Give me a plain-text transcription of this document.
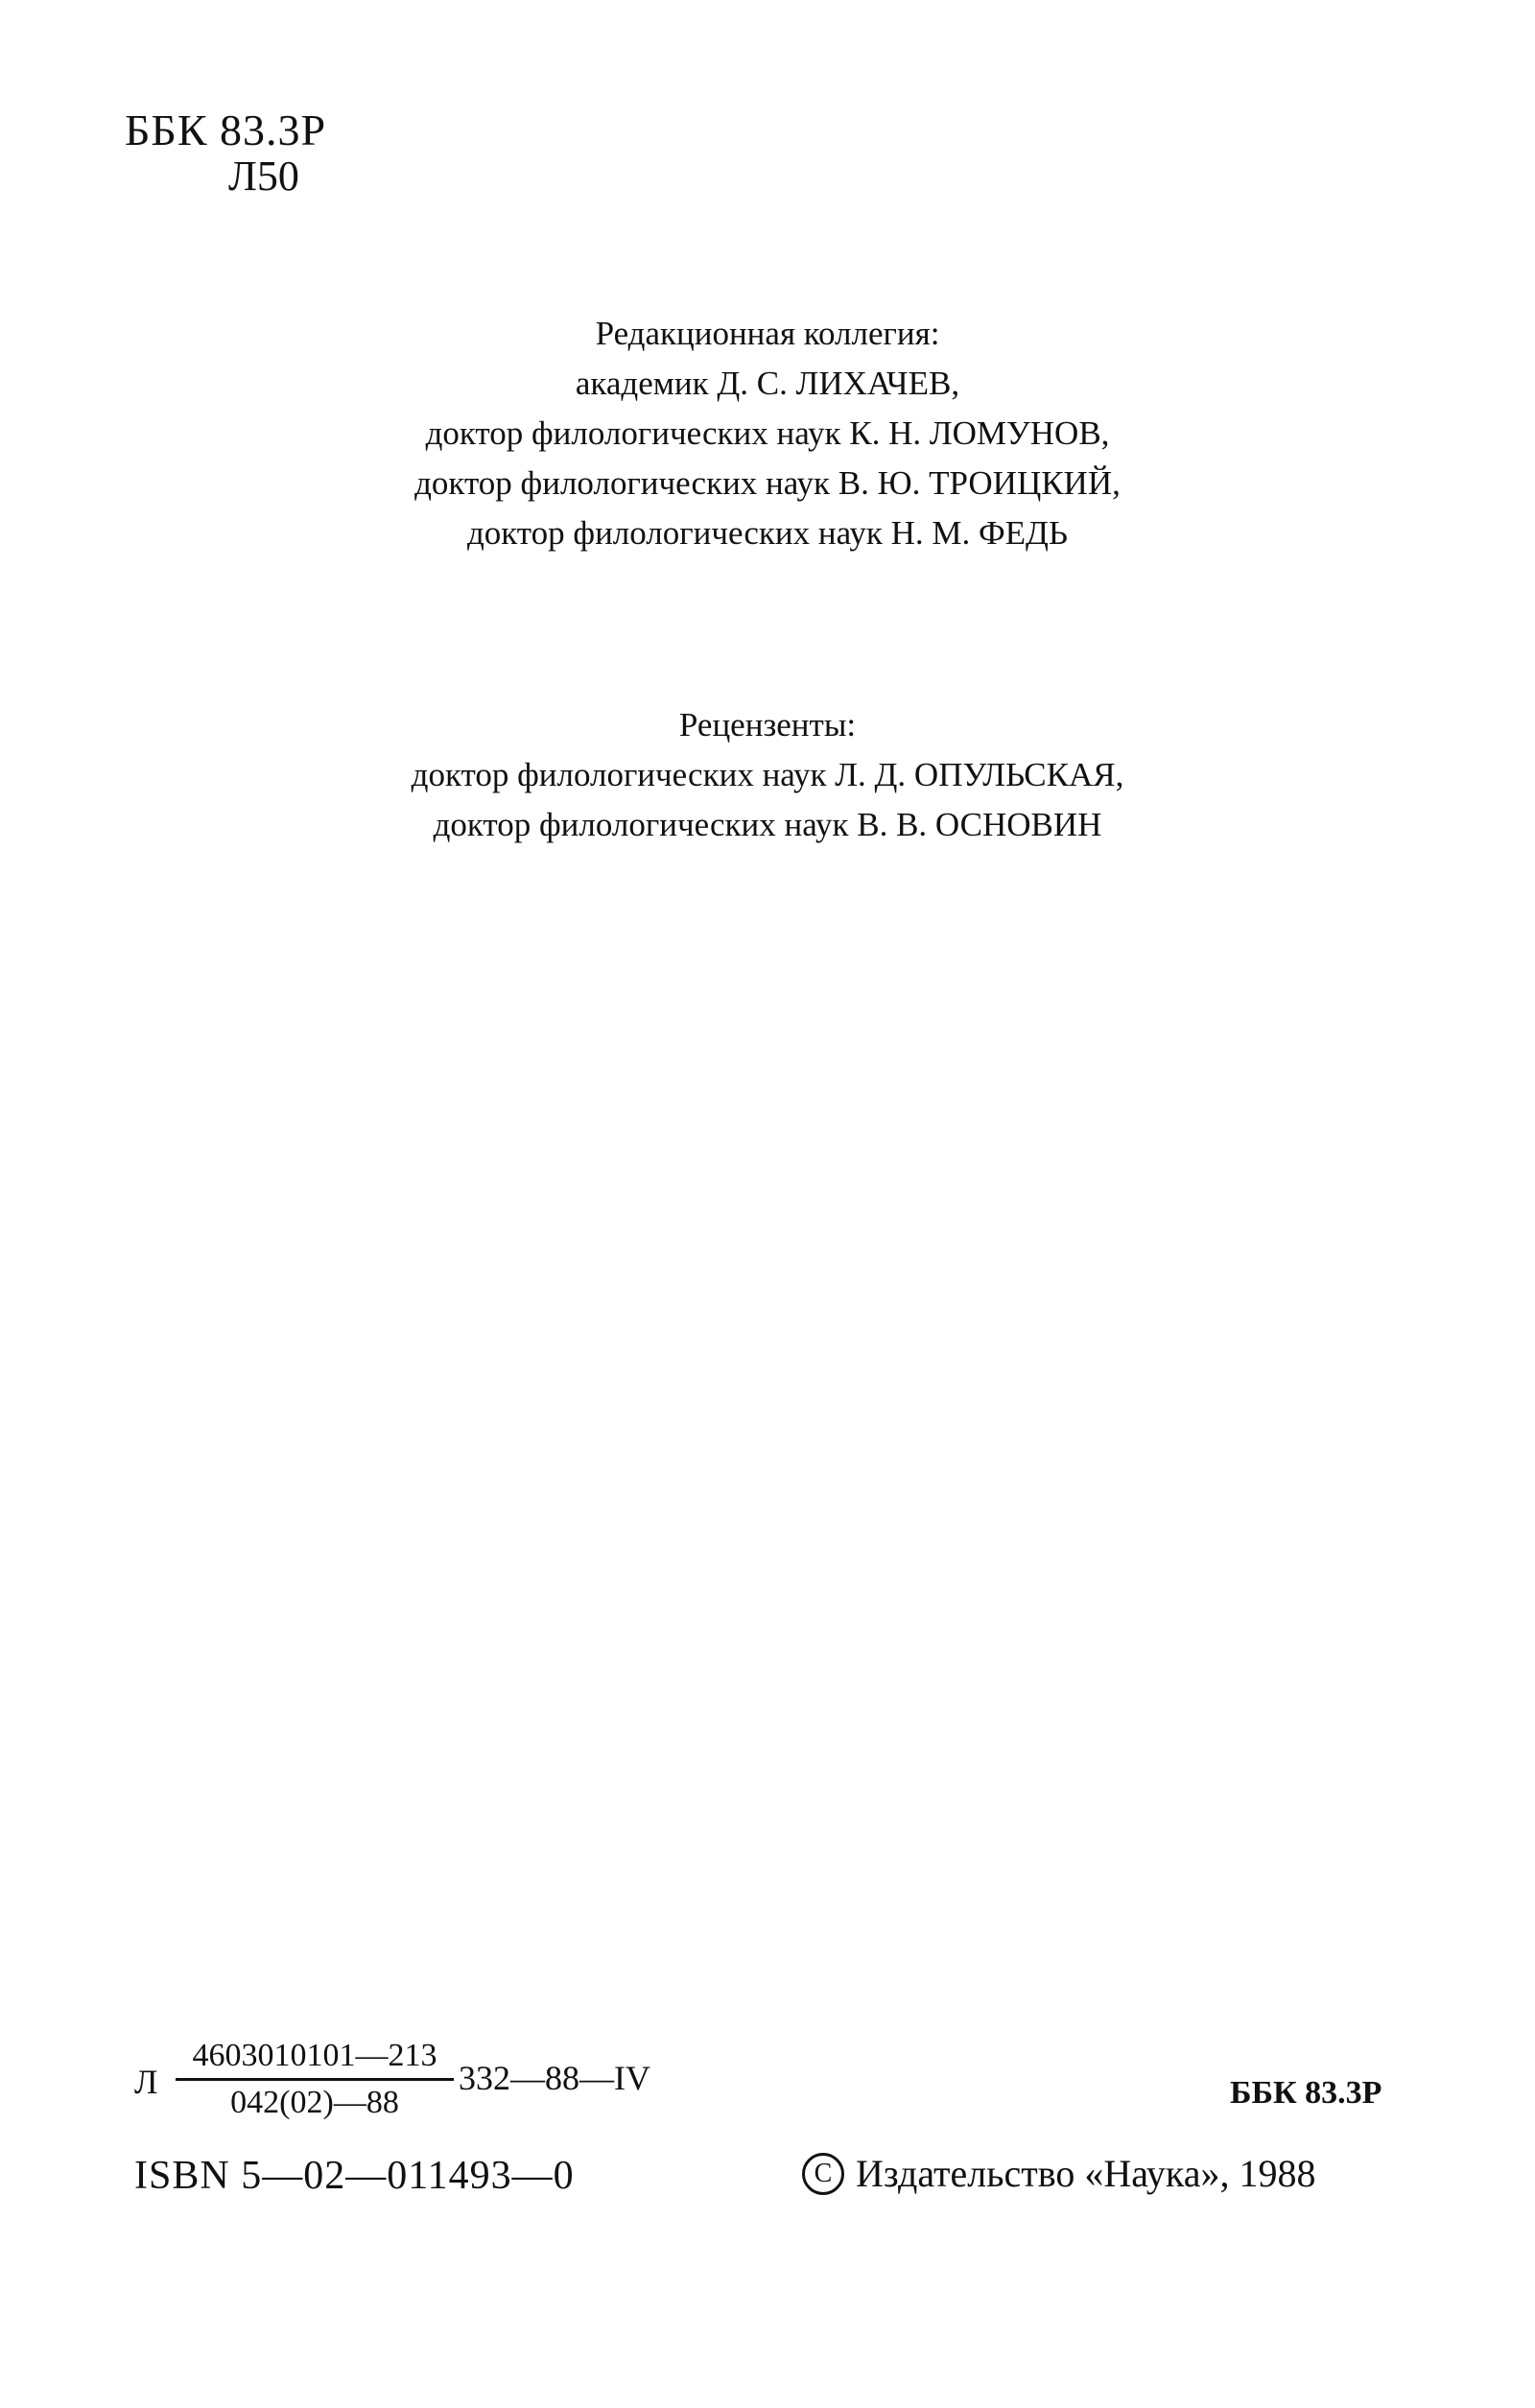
ББК 83.3Р
Л50
Редакционная коллегия:
академик Д. С. ЛИХАЧЕВ,
доктор филологических наук К. Н. ЛОМУНОВ,
доктор филологических наук В. Ю. ТРОИЦКИЙ,
доктор филологических наук Н. М. ФЕДЬ
Рецензенты:
доктор филологических наук Л. Д. ОПУЛЬСКАЯ,
доктор филологических наук В. В. ОСНОВИН
Л $\frac{4603010101—213}{042(02)—88}$ 332—88—IV	ББК 83.3Р
ISBN 5—02—011493—0	C Издательство «Наука», 1988
